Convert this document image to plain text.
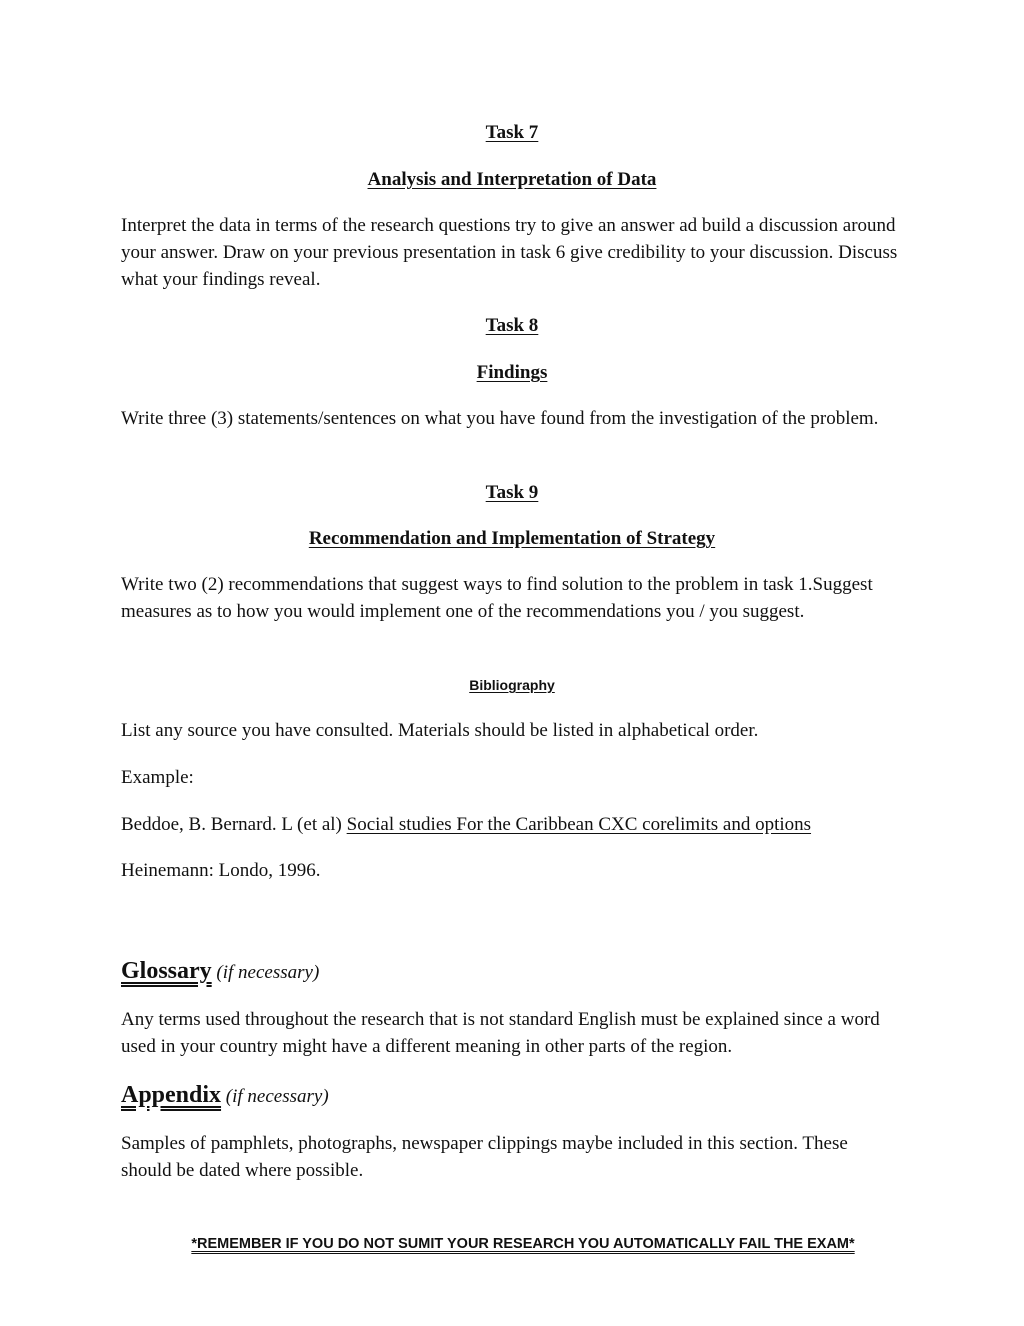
Task 7
Analysis and Interpretation of Data
Interpret the data in terms of the research questions try to give an answer ad build a discussion around your answer. Draw on your previous presentation in task 6 give credibility to your discussion. Discuss what your findings reveal.
Task 8
Findings
Write three (3) statements/sentences on what you have found from the investigation of the problem.
Task 9
Recommendation and Implementation of Strategy
Write two (2) recommendations that suggest ways to find solution to the problem in task 1.Suggest measures as to how you would implement one of the recommendations you / you suggest.
Bibliography
List any source you have consulted. Materials should be listed in alphabetical order.
Example:
Beddoe, B. Bernard. L (et al) Social studies For the Caribbean CXC corelimits and options
Heinemann: Londo, 1996.
Glossary (if necessary)
Any terms used throughout the research that is not standard English must be explained since a word used in your country might have a different meaning in other parts of the region.
Appendix (if necessary)
Samples of pamphlets, photographs, newspaper clippings maybe included in this section. These should be dated where possible.
*REMEMBER IF YOU DO NOT SUMIT YOUR RESEARCH YOU AUTOMATICALLY FAIL THE EXAM*
